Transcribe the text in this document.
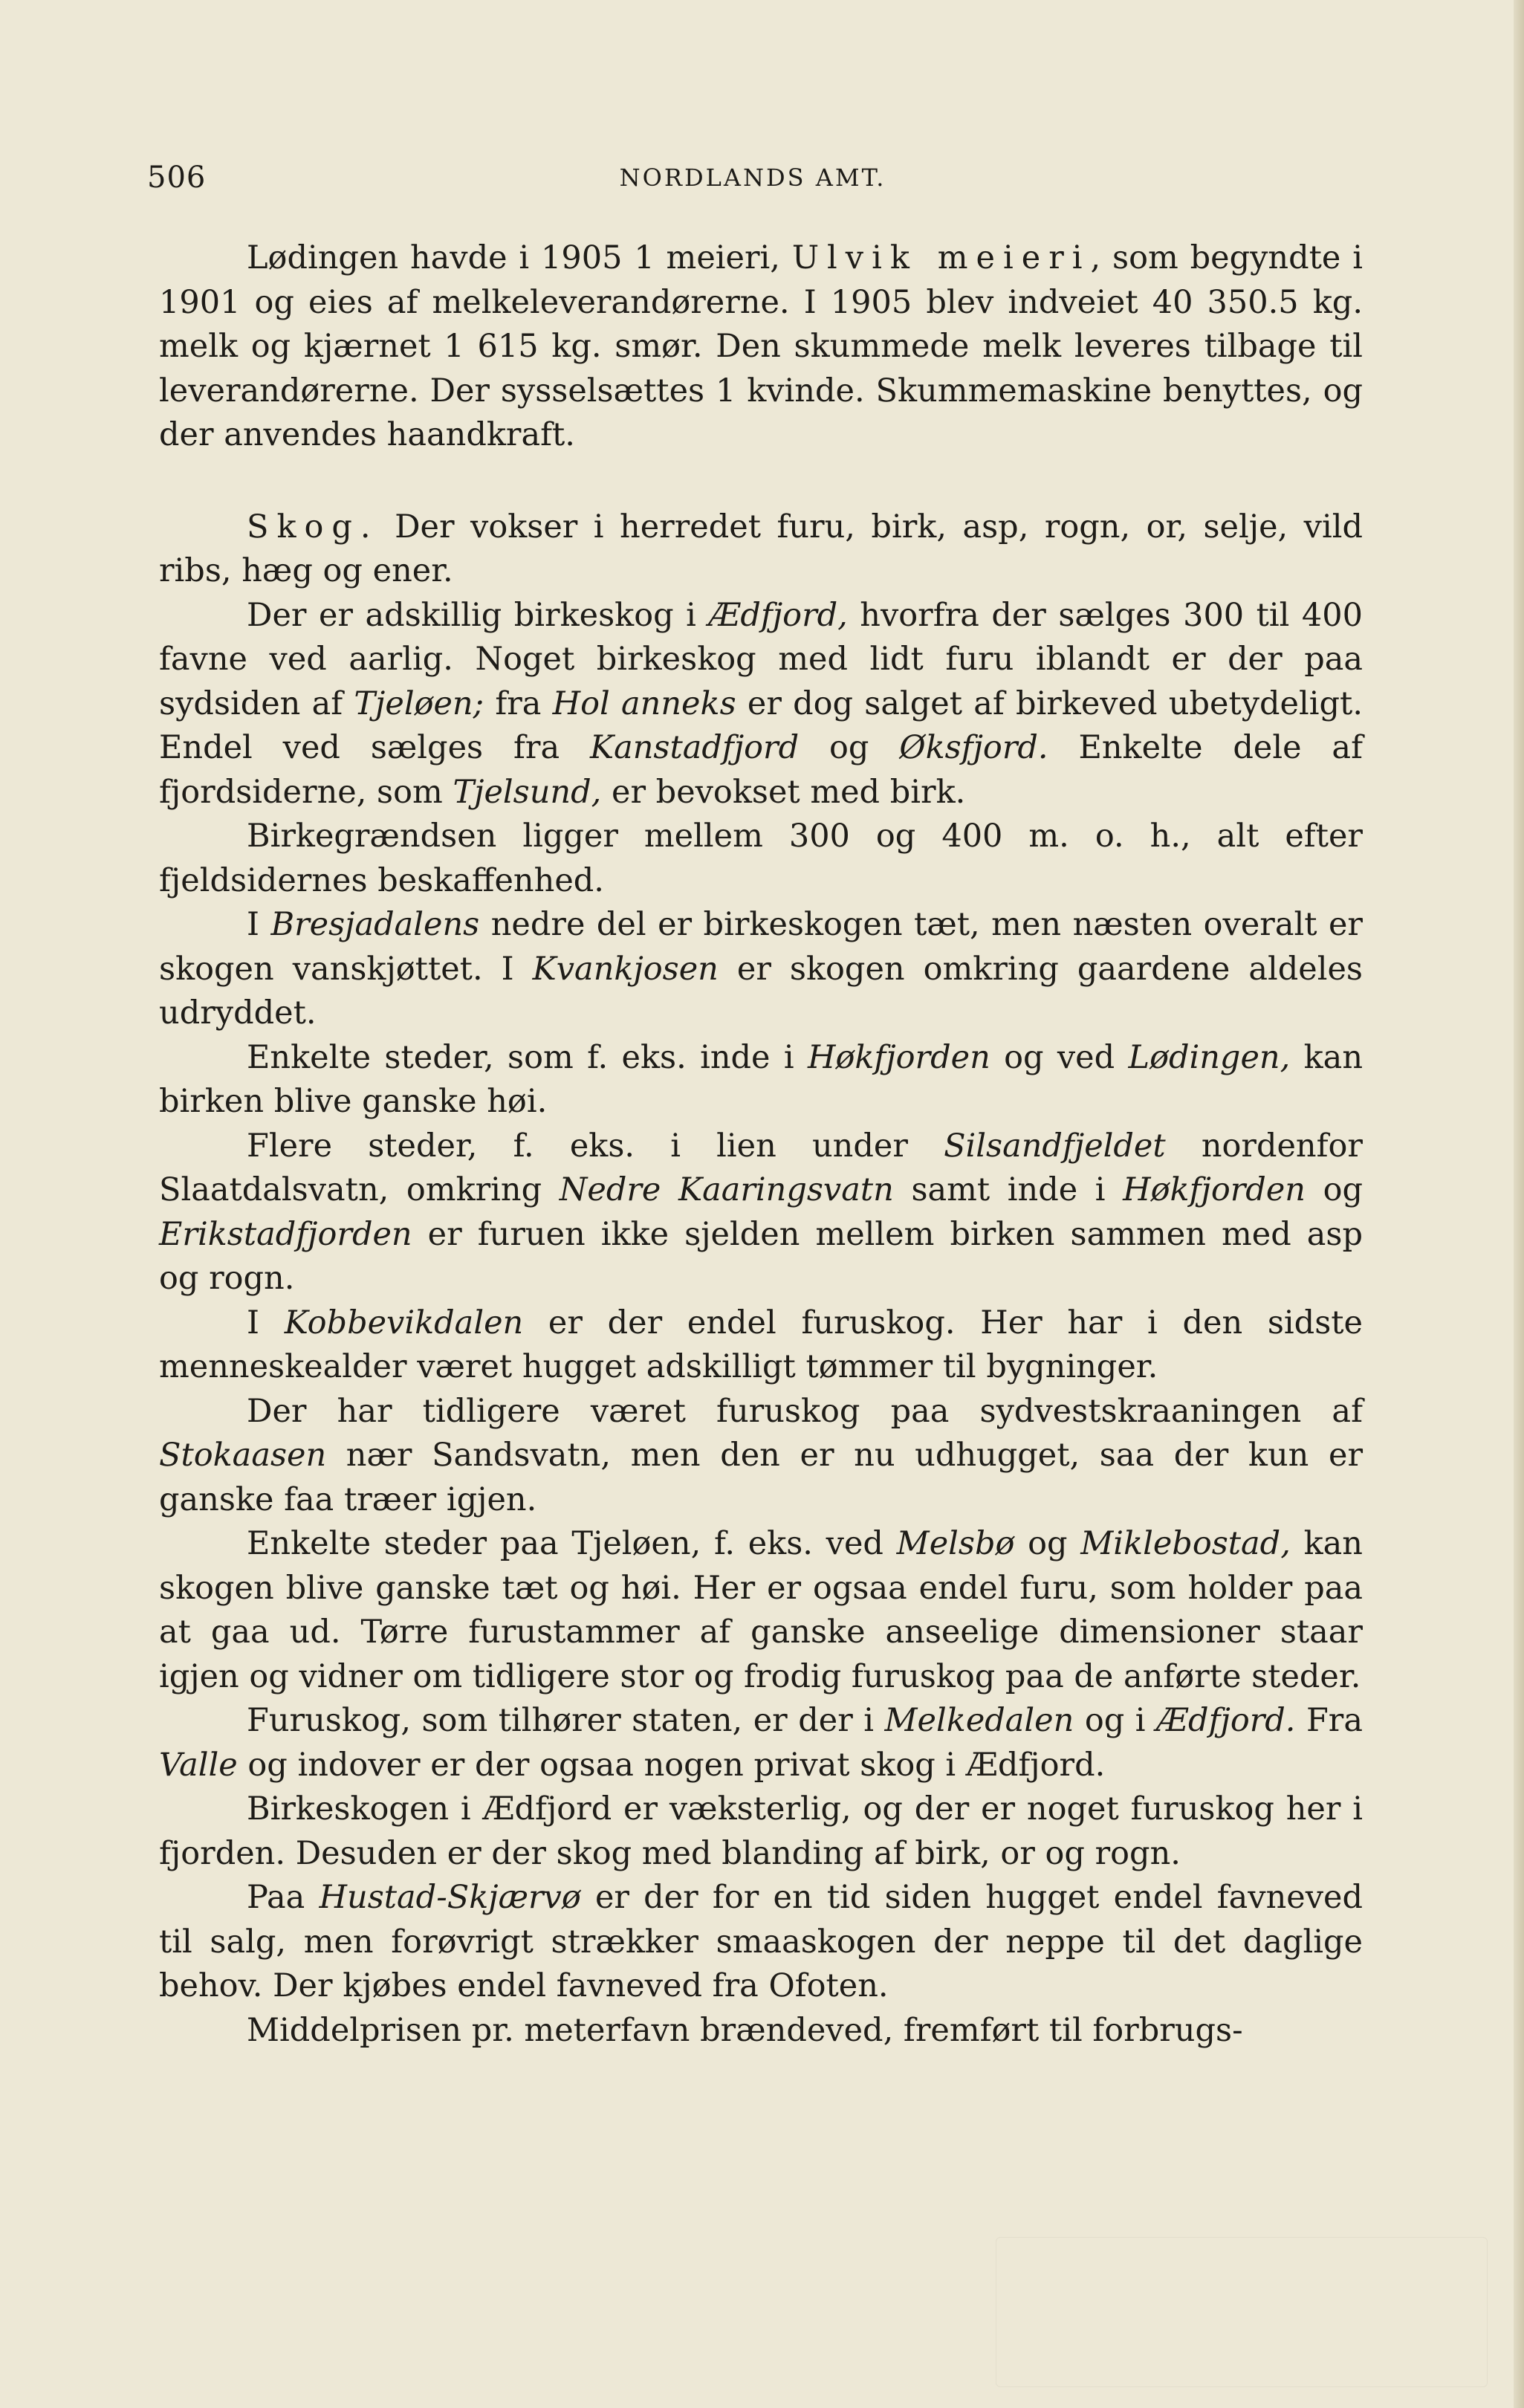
506	NORDLANDS AMT.

Lødingen havde i 1905 1 meieri, Ulvik meieri, som begyndte i 1901 og eies af melkeleverandørerne. I 1905 blev indveiet 40 350.5 kg. melk og kjærnet 1 615 kg. smør. Den skummede melk leveres tilbage til leverandørerne. Der sysselsættes 1 kvinde. Skummemaskine benyttes, og der anvendes haandkraft.

Skog. Der vokser i herredet furu, birk, asp, rogn, or, selje, vild ribs, hæg og ener.

Der er adskillig birkeskog i Ædfjord, hvorfra der sælges 300 til 400 favne ved aarlig. Noget birkeskog med lidt furu iblandt er der paa sydsiden af Tjeløen; fra Hol anneks er dog salget af birkeved ubetydeligt. Endel ved sælges fra Kanstadfjord og Øksfjord. Enkelte dele af fjordsiderne, som Tjelsund, er bevokset med birk.

Birkegrændsen ligger mellem 300 og 400 m. o. h., alt efter fjeldsidernes beskaffenhed.

I Bresjadalens nedre del er birkeskogen tæt, men næsten overalt er skogen vanskjøttet. I Kvankjosen er skogen omkring gaardene aldeles udryddet.

Enkelte steder, som f. eks. inde i Høkfjorden og ved Lødingen, kan birken blive ganske høi.

Flere steder, f. eks. i lien under Silsandfjeldet nordenfor Slaatdalsvatn, omkring Nedre Kaaringsvatn samt inde i Høkfjorden og Erikstadfjorden er furuen ikke sjelden mellem birken sammen med asp og rogn.

I Kobbevikdalen er der endel furuskog. Her har i den sidste menneskealder været hugget adskilligt tømmer til bygninger.

Der har tidligere været furuskog paa sydvestskraaningen af Stokaasen nær Sandsvatn, men den er nu udhugget, saa der kun er ganske faa træer igjen.

Enkelte steder paa Tjeløen, f. eks. ved Melsbø og Miklebostad, kan skogen blive ganske tæt og høi. Her er ogsaa endel furu, som holder paa at gaa ud. Tørre furustammer af ganske anseelige dimensioner staar igjen og vidner om tidligere stor og frodig furuskog paa de anførte steder.

Furuskog, som tilhører staten, er der i Melkedalen og i Ædfjord. Fra Valle og indover er der ogsaa nogen privat skog i Ædfjord.

Birkeskogen i Ædfjord er væksterlig, og der er noget furuskog her i fjorden. Desuden er der skog med blanding af birk, or og rogn.

Paa Hustad-Skjærvø er der for en tid siden hugget endel favneved til salg, men forøvrigt strækker smaaskogen der neppe til det daglige behov. Der kjøbes endel favneved fra Ofoten.

Middelprisen pr. meterfavn brændeved, fremført til forbrugs-
